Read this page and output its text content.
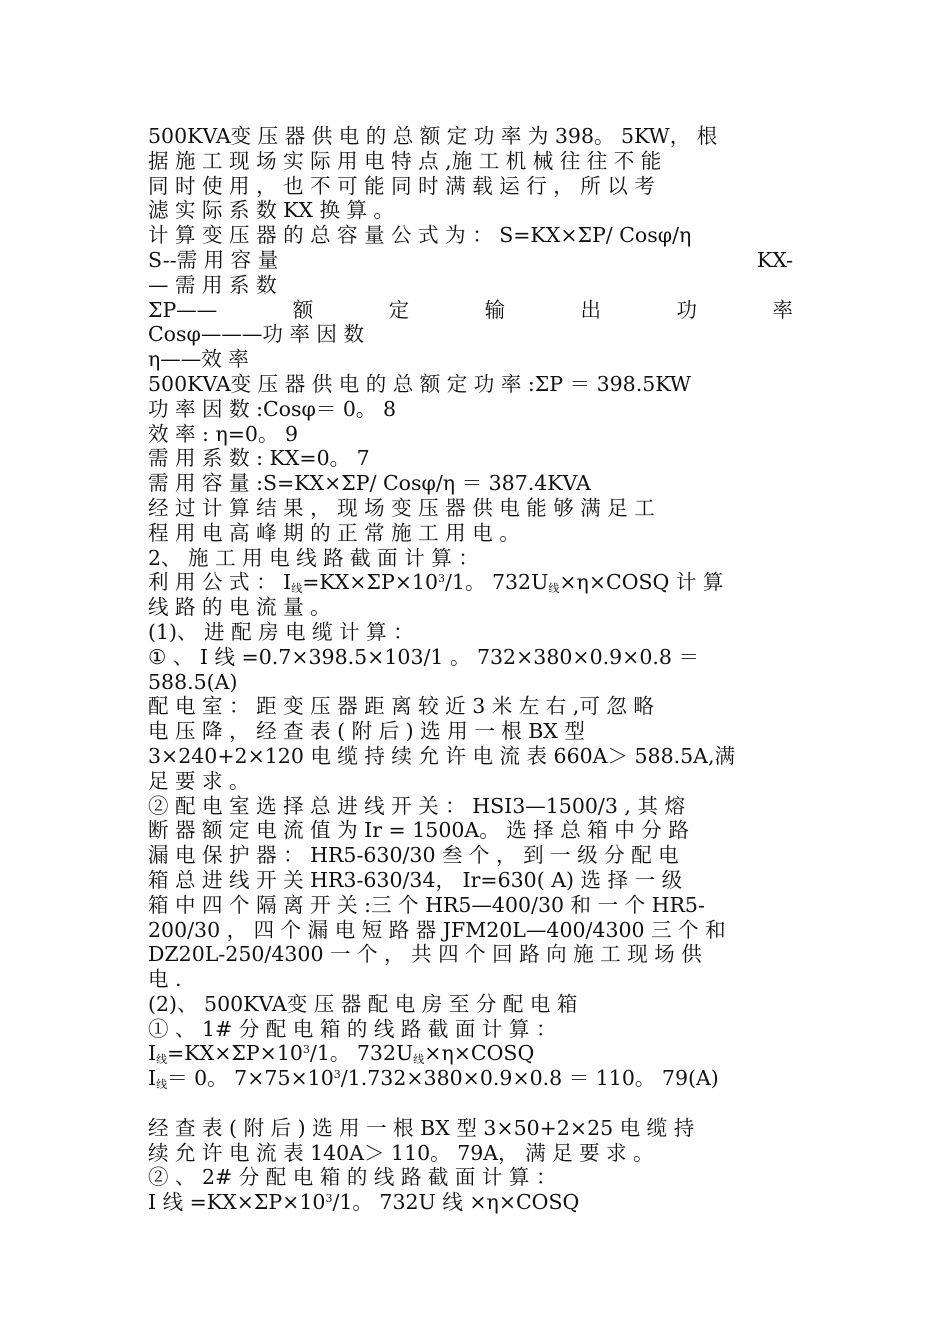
500KVA变 压 器 供 电 的 总 额 定 功 率 为 398。 5KW， 根
据 施 工 现 场 实 际 用 电 特 点 ,施 工 机 械 往 往 不 能
同 时 使 用 ， 也 不 可 能 同 时 满 载 运 行 ， 所 以 考
滤 实 际 系 数 KX 换 算 。
计 算 变 压 器 的 总 容 量 公 式 为 ： S=KX×ΣP/ Cosφ/η
S--需 用 容 量	KX-
— 需 用 系 数
ΣP——	额	定	输	出	功	率
Cosφ———功 率 因 数
η——效 率
500KVA变 压 器 供 电 的 总 额 定 功 率 :ΣP ＝ 398.5KW
功 率 因 数 :Cosφ＝ 0。 8
效 率 : η=0。 9
需 用 系 数 : KX=0。 7
需 用 容 量 :S=KX×ΣP/ Cosφ/η ＝ 387.4KVA
经 过 计 算 结 果 ， 现 场 变 压 器 供 电 能 够 满 足 工
程 用 电 高 峰 期 的 正 常 施 工 用 电 。
2、 施 工 用 电 线 路 截 面 计 算 ：
利 用 公 式 ： $I_线=KX\times\Sigma P\times 10^3/1$。 $732U_线\times\eta\times COSQ$ 计 算
线 路 的 电 流 量 。
(1)、 进 配 房 电 缆 计 算 ：
① 、 I 线 =0.7×398.5×103/1 。 732×380×0.9×0.8 ＝
588.5(A)
配 电 室 ： 距 变 压 器 距 离 较 近 3 米 左 右 ,可 忽 略
电 压 降 ， 经 查 表 ( 附 后 ) 选 用 一 根 BX 型
3×240+2×120 电 缆 持 续 允 许 电 流 表 660A＞ 588.5A,满
足 要 求 。
② 配 电 室 选 择 总 进 线 开 关 ： HSI3—1500/3 , 其 熔
断 器 额 定 电 流 值 为 Ir = 1500A。 选 择 总 箱 中 分 路
漏 电 保 护 器 ： HR5-630/30 叁 个 ， 到 一 级 分 配 电
箱 总 进 线 开 关 HR3-630/34， Ir=630( A) 选 择 一 级
箱 中 四 个 隔 离 开 关 :三 个 HR5—400/30 和 一 个 HR5-
200/30 ， 四 个 漏 电 短 路 器 JFM20L—400/4300 三 个 和
DZ20L-250/4300 一 个 ， 共 四 个 回 路 向 施 工 现 场 供
电 .
(2)、 500KVA变 压 器 配 电 房 至 分 配 电 箱
① 、 1# 分 配 电 箱 的 线 路 截 面 计 算 ：
$I_线=KX\times\Sigma P\times 10^3/1$。 $732U_线\times\eta\times COSQ$
$I_线= 0$。 $7\times 75\times 10^3/1.732\times 380\times 0.9\times 0.8 = 110$。 79(A)
经 查 表 ( 附 后 ) 选 用 一 根 BX 型 3×50+2×25 电 缆 持
续 允 许 电 流 表 140A＞ 110。 79A， 满 足 要 求 。
② 、 2# 分 配 电 箱 的 线 路 截 面 计 算 ：
I 线 $=KX\times\Sigma P\times 10^3/1$。 732U 线 ×η×COSQ
